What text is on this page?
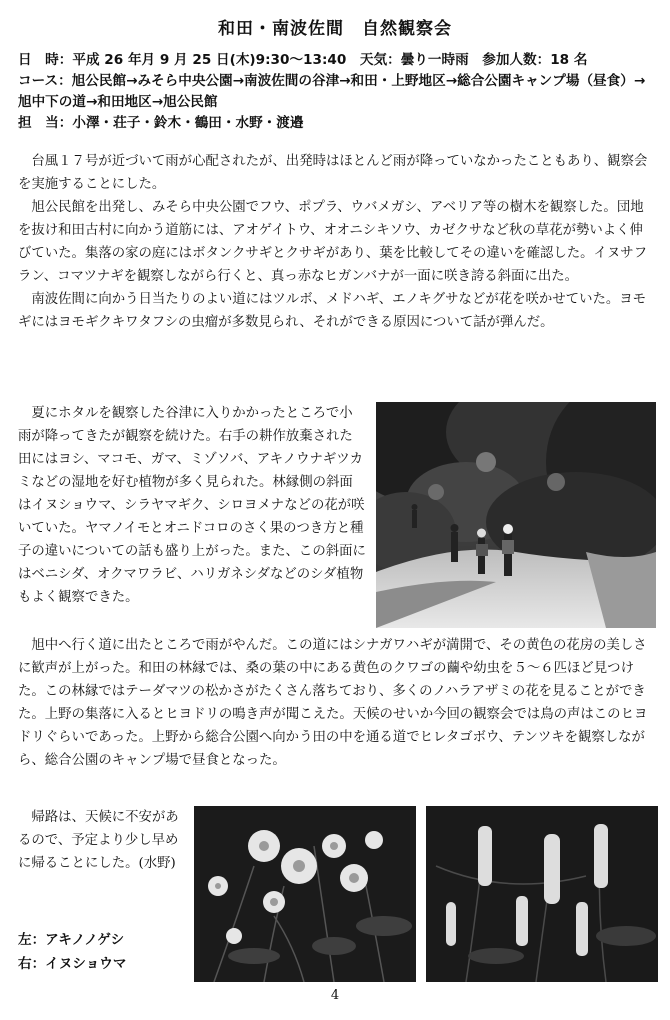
和田・南波佐間　自然観察会
日　時：平成 26 年月 9 月 25 日(木)9:30～13:40　天気：曇り一時雨　参加人数：18 名
コース：旭公民館→みそら中央公園→南波佐間の谷津→和田・上野地区→総合公園キャンプ場（昼食）→旭中下の道→和田地区→旭公民館
担　当：小澤・荘子・鈴木・鶴田・水野・渡邉

台風１７号が近づいて雨が心配されたが、出発時はほとんど雨が降っていなかったこともあり、観察会を実施することにした。

旭公民館を出発し、みそら中央公園でフウ、ポプラ、ウバメガシ、アベリア等の樹木を観察した。団地を抜け和田古村に向かう道筋には、アオゲイトウ、オオニシキソウ、カゼクサなど秋の草花が勢いよく伸びていた。集落の家の庭にはボタンクサギとクサギがあり、葉を比較してその違いを確認した。イヌサフラン、コマツナギを観察しながら行くと、真っ赤なヒガンバナが一面に咲き誇る斜面に出た。

南波佐間に向かう日当たりのよい道にはツルボ、メドハギ、エノキグサなどが花を咲かせていた。ヨモギにはヨモギクキワタフシの虫瘤が多数見られ、それができる原因について話が弾んだ。

夏にホタルを観察した谷津に入りかかったところで小雨が降ってきたが観察を続けた。右手の耕作放棄された田にはヨシ、マコモ、ガマ、ミゾソバ、アキノウナギツカミなどの湿地を好む植物が多く見られた。林縁側の斜面はイヌショウマ、シラヤマギク、シロヨメナなどの花が咲いていた。ヤマノイモとオニドコロのさく果のつき方と種子の違いについての話も盛り上がった。また、この斜面にはベニシダ、オクマワラビ、ハリガネシダなどのシダ植物もよく観察できた。

旭中へ行く道に出たところで雨がやんだ。この道にはシナガワハギが満開で、その黄色の花房の美しさに歓声が上がった。和田の林縁では、桑の葉の中にある黄色のクワゴの繭や幼虫を５～６匹ほど見つけた。この林縁ではテーダマツの松かさがたくさん落ちており、多くのノハラアザミの花を見ることができた。上野の集落に入るとヒヨドリの鳴き声が聞こえた。天候のせいか今回の観察会では鳥の声はこのヒヨドリぐらいであった。上野から総合公園へ向かう田の中を通る道でヒレタゴボウ、テンツキを観察しながら、総合公園のキャンプ場で昼食となった。

帰路は、天候に不安があるので、予定より少し早めに帰ることにした。(水野)

左：アキノノゲシ
右：イヌショウマ
4
